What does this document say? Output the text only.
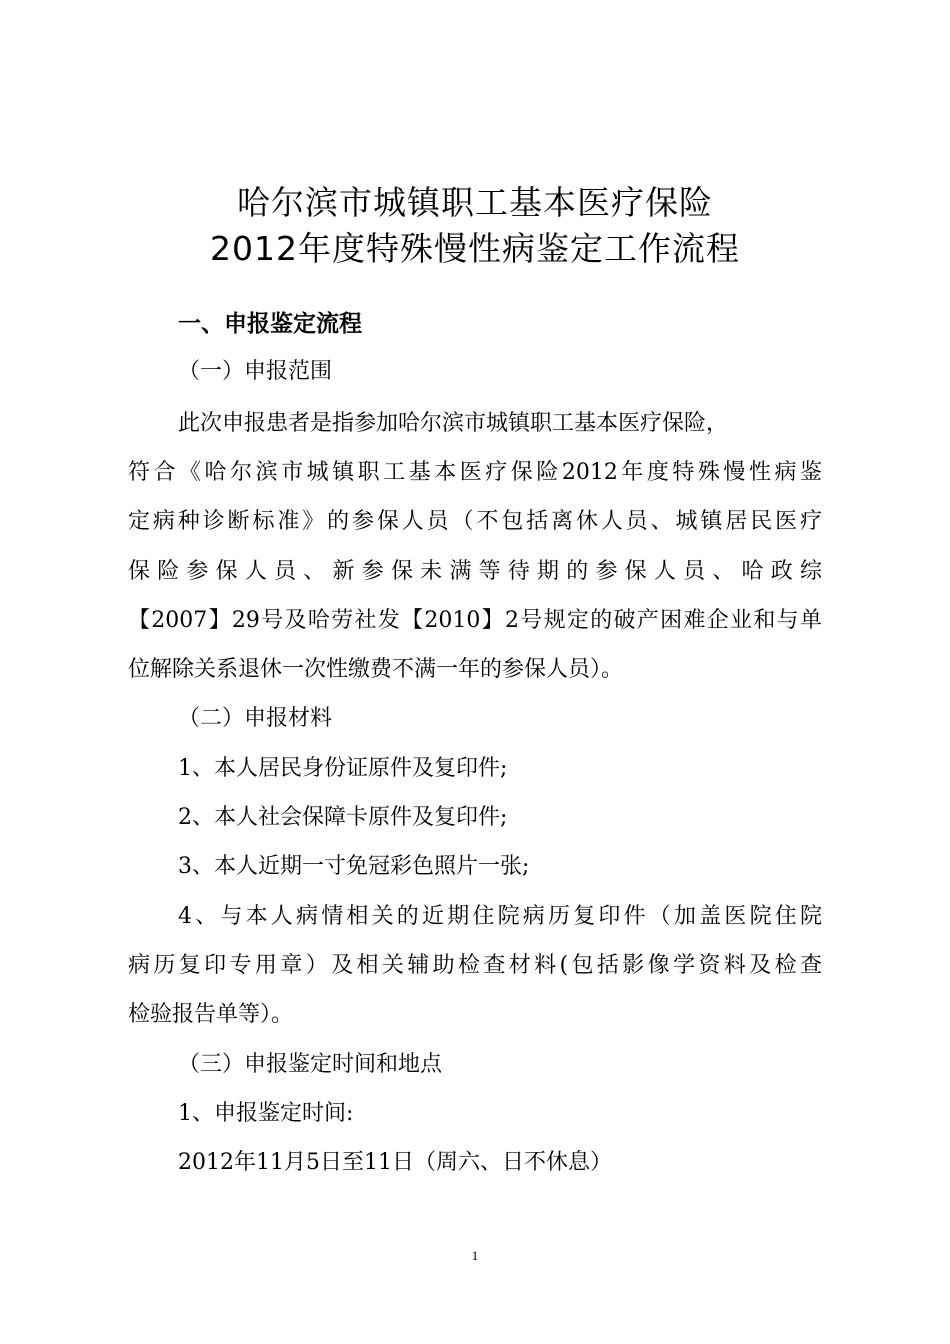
哈尔滨市城镇职工基本医疗保险
2012年度特殊慢性病鉴定工作流程
一、申报鉴定流程
（一）申报范围
此次申报患者是指参加哈尔滨市城镇职工基本医疗保险，
符合《哈尔滨市城镇职工基本医疗保险2012年度特殊慢性病鉴
定病种诊断标准》的参保人员（不包括离休人员、城镇居民医疗
保险参保人员、新参保未满等待期的参保人员、哈政综
【2007】29号及哈劳社发【2010】2号规定的破产困难企业和与单
位解除关系退休一次性缴费不满一年的参保人员）。
（二）申报材料
1、本人居民身份证原件及复印件;
2、本人社会保障卡原件及复印件;
3、本人近期一寸免冠彩色照片一张;
4、与本人病情相关的近期住院病历复印件（加盖医院住院
病历复印专用章）及相关辅助检查材料(包括影像学资料及检查
检验报告单等）。
（三）申报鉴定时间和地点
1、申报鉴定时间:
2012年11月5日至11日（周六、日不休息）
1
